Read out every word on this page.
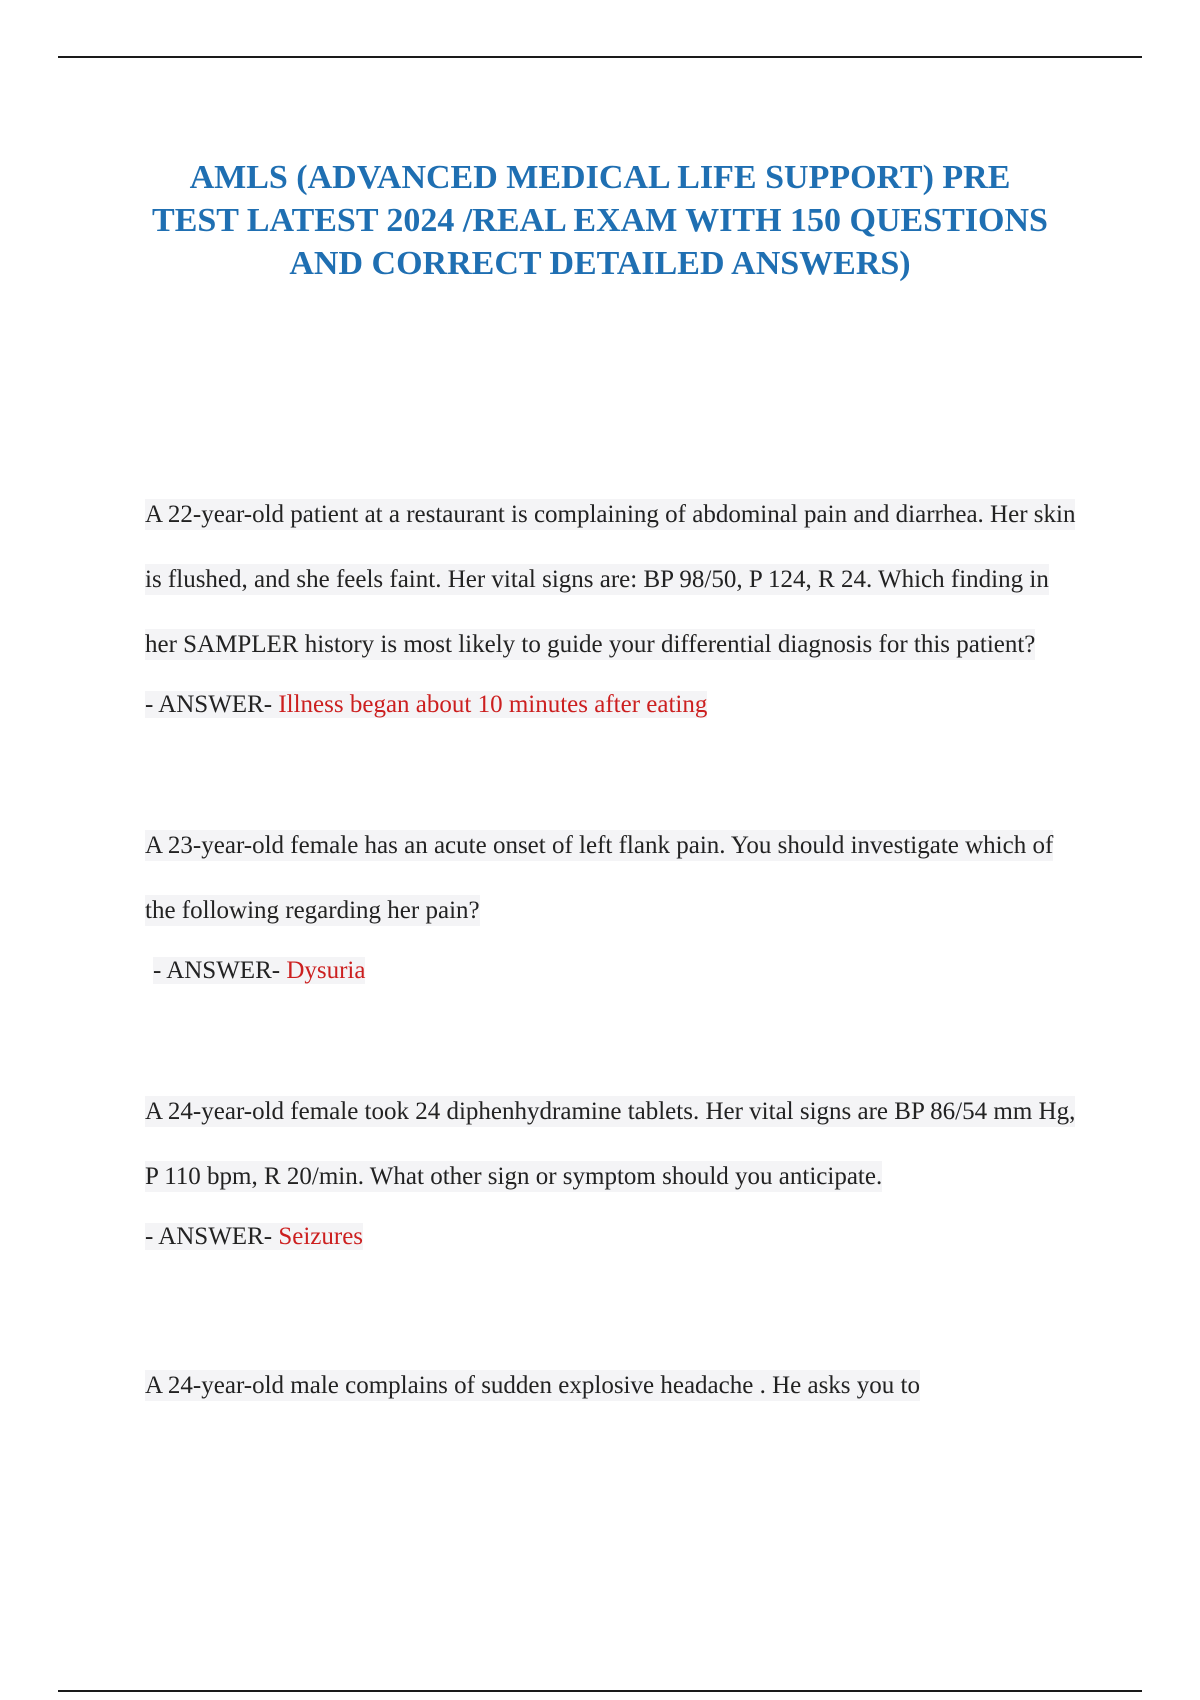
AMLS (ADVANCED MEDICAL LIFE SUPPORT) PRE TEST LATEST 2024 /REAL EXAM WITH 150 QUESTIONS AND CORRECT DETAILED ANSWERS)

A 22-year-old patient at a restaurant is complaining of abdominal pain and diarrhea. Her skin is flushed, and she feels faint. Her vital signs are: BP 98/50, P 124, R 24. Which finding in her SAMPLER history is most likely to guide your differential diagnosis for this patient?

- ANSWER- Illness began about 10 minutes after eating

A 23-year-old female has an acute onset of left flank pain. You should investigate which of the following regarding her pain?

- ANSWER- Dysuria

A 24-year-old female took 24 diphenhydramine tablets. Her vital signs are BP 86/54 mm Hg, P 110 bpm, R 20/min. What other sign or symptom should you anticipate.

- ANSWER- Seizures

A 24-year-old male complains of sudden explosive headache . He asks you to
